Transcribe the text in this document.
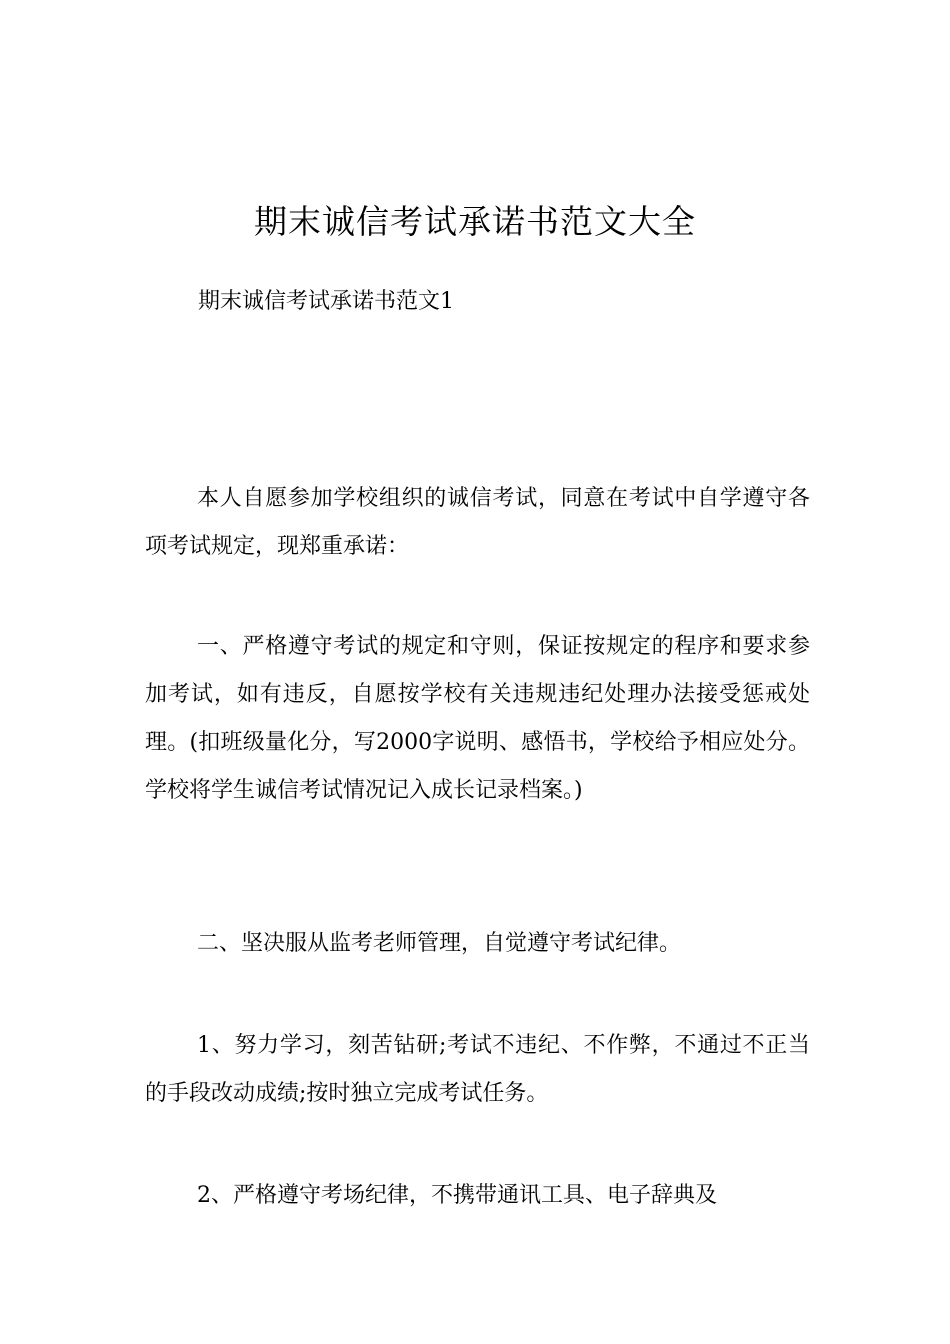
期末诚信考试承诺书范文大全
期末诚信考试承诺书范文1

本人自愿参加学校组织的诚信考试，同意在考试中自学遵守各项考试规定，现郑重承诺：

一、严格遵守考试的规定和守则，保证按规定的程序和要求参加考试，如有违反，自愿按学校有关违规违纪处理办法接受惩戒处理。(扣班级量化分，写2000字说明、感悟书，学校给予相应处分。学校将学生诚信考试情况记入成长记录档案。)

二、坚决服从监考老师管理，自觉遵守考试纪律。

1、努力学习，刻苦钻研;考试不违纪、不作弊，不通过不正当的手段改动成绩;按时独立完成考试任务。

2、严格遵守考场纪律，不携带通讯工具、电子辞典及
